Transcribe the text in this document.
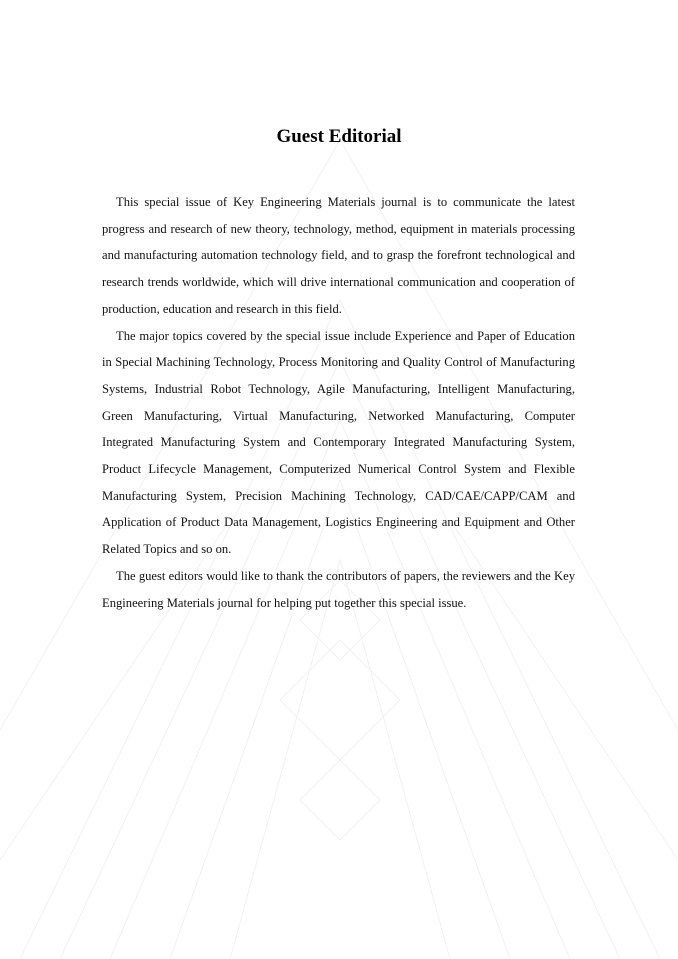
Guest Editorial

This special issue of Key Engineering Materials journal is to communicate the latest progress and research of new theory, technology, method, equipment in materials processing and manufacturing automation technology field, and to grasp the forefront technological and research trends worldwide, which will drive international communication and cooperation of production, education and research in this field.

The major topics covered by the special issue include Experience and Paper of Education in Special Machining Technology, Process Monitoring and Quality Control of Manufacturing Systems, Industrial Robot Technology, Agile Manufacturing, Intelligent Manufacturing, Green Manufacturing, Virtual Manufacturing, Networked Manufacturing, Computer Integrated Manufacturing System and Contemporary Integrated Manufacturing System, Product Lifecycle Management, Computerized Numerical Control System and Flexible Manufacturing System, Precision Machining Technology, CAD/CAE/CAPP/CAM and Application of Product Data Management, Logistics Engineering and Equipment and Other Related Topics and so on.

The guest editors would like to thank the contributors of papers, the reviewers and the Key Engineering Materials journal for helping put together this special issue.
